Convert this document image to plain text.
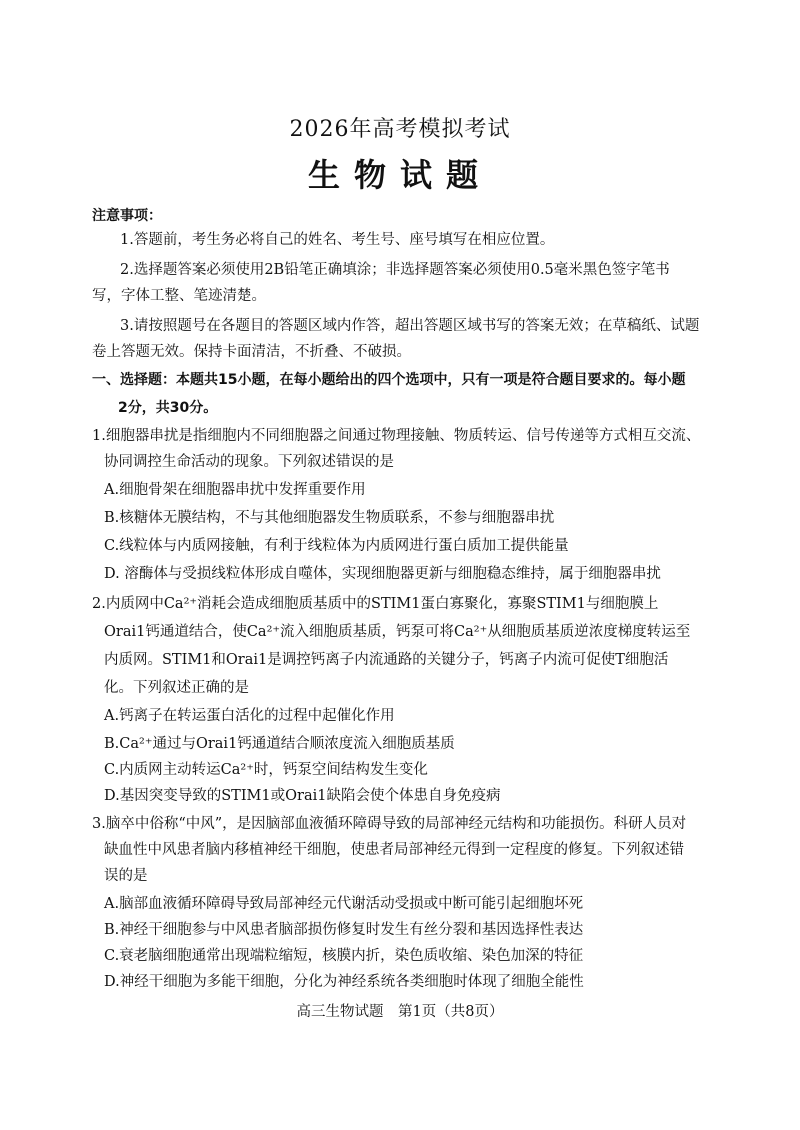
2026年高考模拟考试
生物试题
注意事项：
1.答题前，考生务必将自己的姓名、考生号、座号填写在相应位置。
2.选择题答案必须使用2B铅笔正确填涂；非选择题答案必须使用0.5毫米黑色签字笔书
写，字体工整、笔迹清楚。
3.请按照题号在各题目的答题区域内作答，超出答题区域书写的答案无效；在草稿纸、试题
卷上答题无效。保持卡面清洁，不折叠、不破损。
一、选择题：本题共15小题，在每小题给出的四个选项中，只有一项是符合题目要求的。每小题
2分，共30分。
1.细胞器串扰是指细胞内不同细胞器之间通过物理接触、物质转运、信号传递等方式相互交流、
协同调控生命活动的现象。下列叙述错误的是
A.细胞骨架在细胞器串扰中发挥重要作用
B.核糖体无膜结构，不与其他细胞器发生物质联系，不参与细胞器串扰
C.线粒体与内质网接触，有利于线粒体为内质网进行蛋白质加工提供能量
D. 溶酶体与受损线粒体形成自噬体，实现细胞器更新与细胞稳态维持，属于细胞器串扰
2.内质网中Ca²⁺消耗会造成细胞质基质中的STIM1蛋白寡聚化，寡聚STIM1与细胞膜上
Orai1钙通道结合，使Ca²⁺流入细胞质基质，钙泵可将Ca²⁺从细胞质基质逆浓度梯度转运至
内质网。STIM1和Orai1是调控钙离子内流通路的关键分子，钙离子内流可促使T细胞活
化。下列叙述正确的是
A.钙离子在转运蛋白活化的过程中起催化作用
B.Ca²⁺通过与Orai1钙通道结合顺浓度流入细胞质基质
C.内质网主动转运Ca²⁺时，钙泵空间结构发生变化
D.基因突变导致的STIM1或Orai1缺陷会使个体患自身免疫病
3.脑卒中俗称“中风”，是因脑部血液循环障碍导致的局部神经元结构和功能损伤。科研人员对
缺血性中风患者脑内移植神经干细胞，使患者局部神经元得到一定程度的修复。下列叙述错
误的是
A.脑部血液循环障碍导致局部神经元代谢活动受损或中断可能引起细胞坏死
B.神经干细胞参与中风患者脑部损伤修复时发生有丝分裂和基因选择性表达
C.衰老脑细胞通常出现端粒缩短，核膜内折，染色质收缩、染色加深的特征
D.神经干细胞为多能干细胞，分化为神经系统各类细胞时体现了细胞全能性
高三生物试题　第1页（共8页）
